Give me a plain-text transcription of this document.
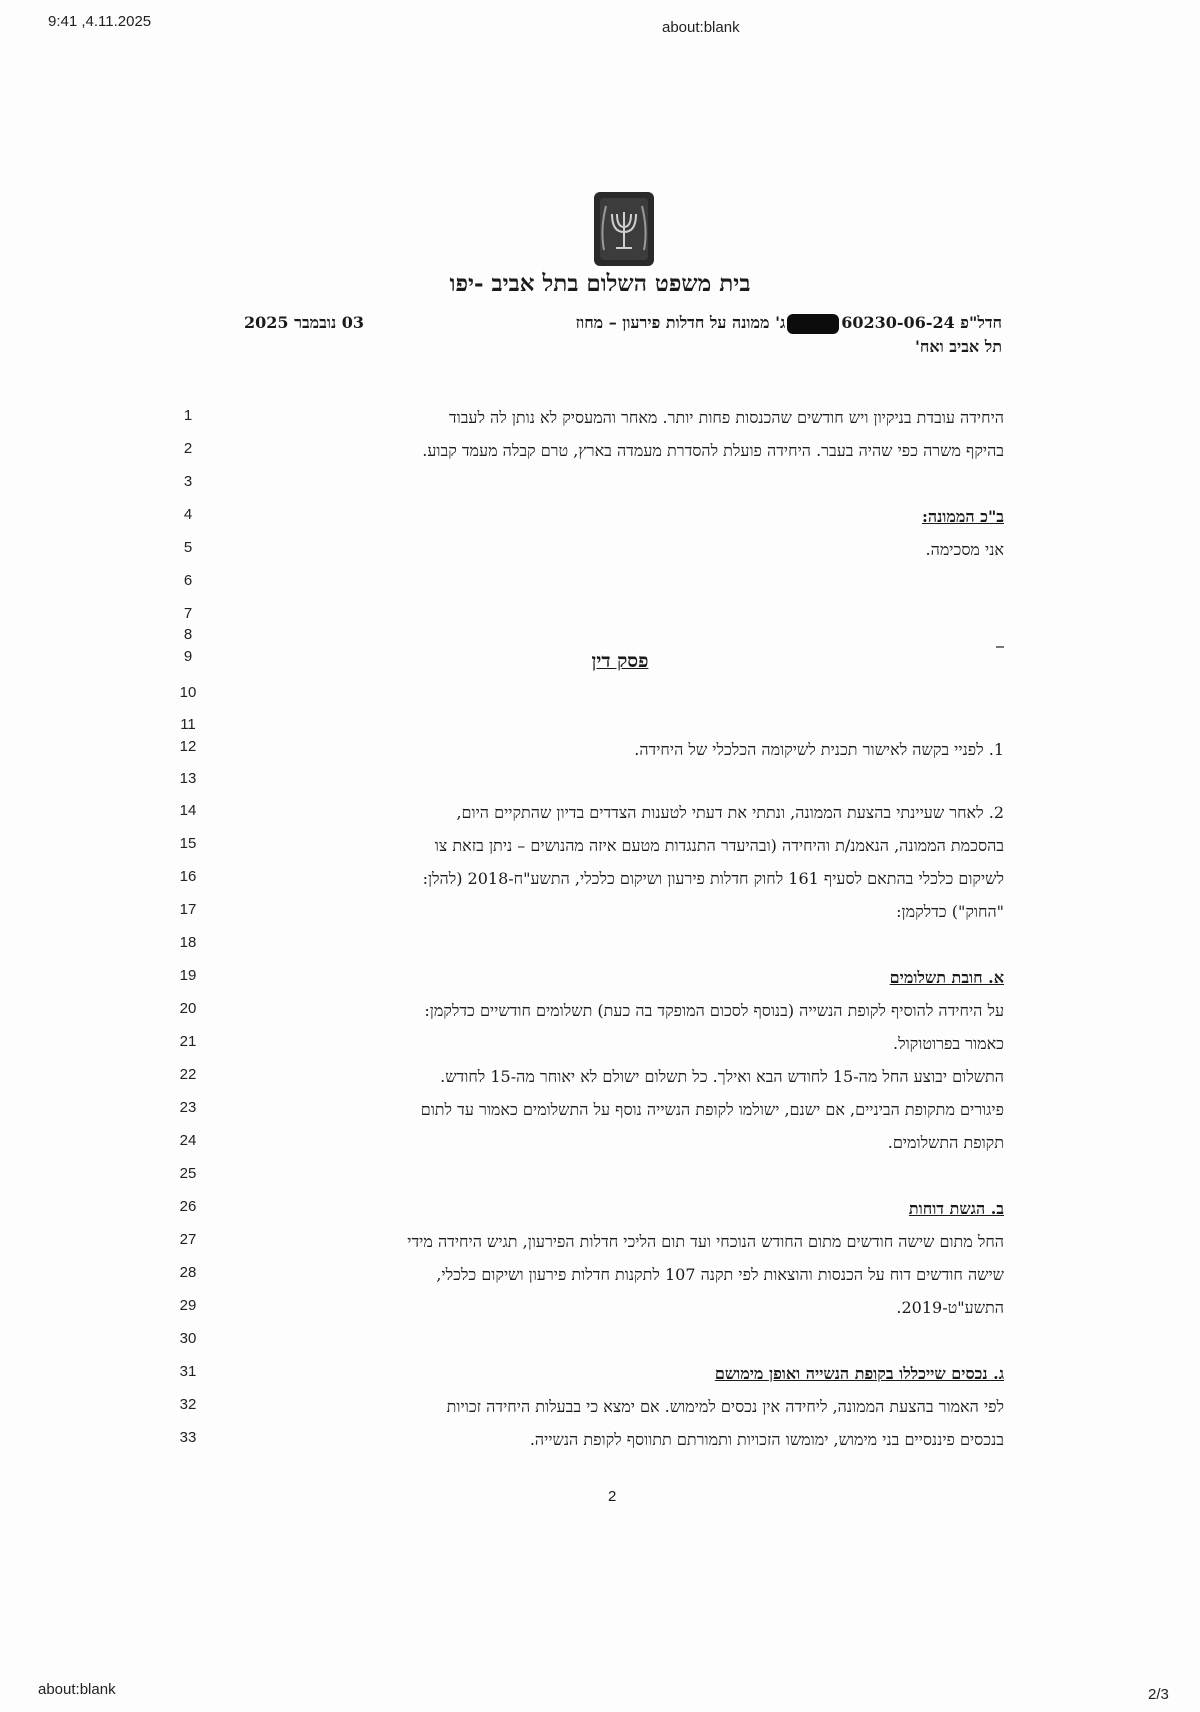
9:41 ,4.11.2025	about:blank
about:blank	2/3
בית משפט השלום בתל אביב -יפו
03 נובמבר 2025	חדל"פ 60230-06-24ג' ממונה על חדלות פירעון – מחוז
תל אביב ואח'
1
2
3
4
5
6
7
8
9
10
11
12
13
14
15
16
17
18
19
20
21
22
23
24
25
26
27
28
29
30
31
32
33
היחידה עובדת בניקיון ויש חודשים שהכנסות פחות יותר. מאחר והמעסיק לא נותן לה לעבוד
בהיקף משרה כפי שהיה בעבר. היחידה פועלת להסדרת מעמדה בארץ, טרם קבלה מעמד קבוע.
ב"כ הממונה:
אני מסכימה.
פסק דין
1. לפניי בקשה לאישור תכנית לשיקומה הכלכלי של היחידה.
2. לאחר שעיינתי בהצעת הממונה, ונתתי את דעתי לטענות הצדדים בדיון שהתקיים היום,
בהסכמת הממונה, הנאמנ/ת והיחידה (ובהיעדר התנגדות מטעם איזה מהנושים – ניתן בזאת צו
לשיקום כלכלי בהתאם לסעיף 161 לחוק חדלות פירעון ושיקום כלכלי, התשע"ח-2018 (להלן:
"החוק") כדלקמן:
א. חובת תשלומים
על היחידה להוסיף לקופת הנשייה (בנוסף לסכום המופקד בה כעת) תשלומים חודשיים כדלקמן:
כאמור בפרוטוקול.
התשלום יבוצע החל מה-15 לחודש הבא ואילך. כל תשלום ישולם לא יאוחר מה-15 לחודש.
פיגורים מתקופת הביניים, אם ישנם, ישולמו לקופת הנשייה נוסף על התשלומים כאמור עד לתום
תקופת התשלומים.
ב. הגשת דוחות
החל מתום שישה חודשים מתום החודש הנוכחי ועד תום הליכי חדלות הפירעון, תגיש היחידה מידי
שישה חודשים דוח על הכנסות והוצאות לפי תקנה 107 לתקנות חדלות פירעון ושיקום כלכלי,
התשע"ט-2019.
ג. נכסים שייכללו בקופת הנשייה ואופן מימושם
לפי האמור בהצעת הממונה, ליחידה אין נכסים למימוש. אם ימצא כי בבעלות היחידה זכויות
בנכסים פיננסיים בני מימוש, ימומשו הזכויות ותמורתם תתווסף לקופת הנשייה.
2
